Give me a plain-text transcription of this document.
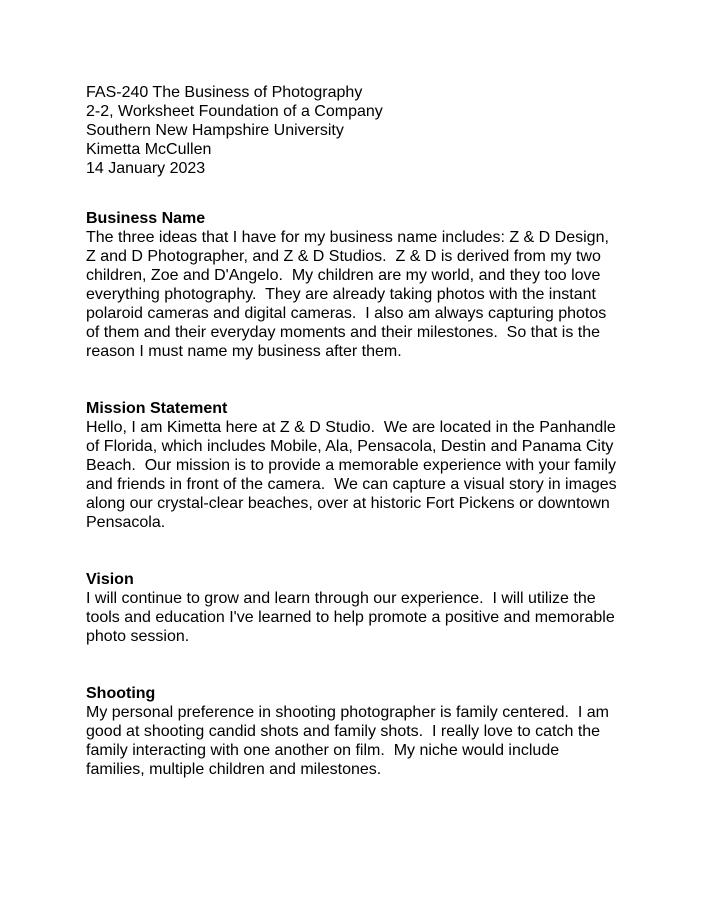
FAS-240 The Business of Photography
2-2, Worksheet Foundation of a Company
Southern New Hampshire University
Kimetta McCullen
14 January 2023
Business Name
The three ideas that I have for my business name includes: Z & D Design,
Z and D Photographer, and Z & D Studios.  Z & D is derived from my two
children, Zoe and D'Angelo.  My children are my world, and they too love
everything photography.  They are already taking photos with the instant
polaroid cameras and digital cameras.  I also am always capturing photos
of them and their everyday moments and their milestones.  So that is the
reason I must name my business after them.
Mission Statement
Hello, I am Kimetta here at Z & D Studio.  We are located in the Panhandle
of Florida, which includes Mobile, Ala, Pensacola, Destin and Panama City
Beach.  Our mission is to provide a memorable experience with your family
and friends in front of the camera.  We can capture a visual story in images
along our crystal-clear beaches, over at historic Fort Pickens or downtown
Pensacola.
Vision
I will continue to grow and learn through our experience.  I will utilize the
tools and education I've learned to help promote a positive and memorable
photo session.
Shooting
My personal preference in shooting photographer is family centered.  I am
good at shooting candid shots and family shots.  I really love to catch the
family interacting with one another on film.  My niche would include
families, multiple children and milestones.
